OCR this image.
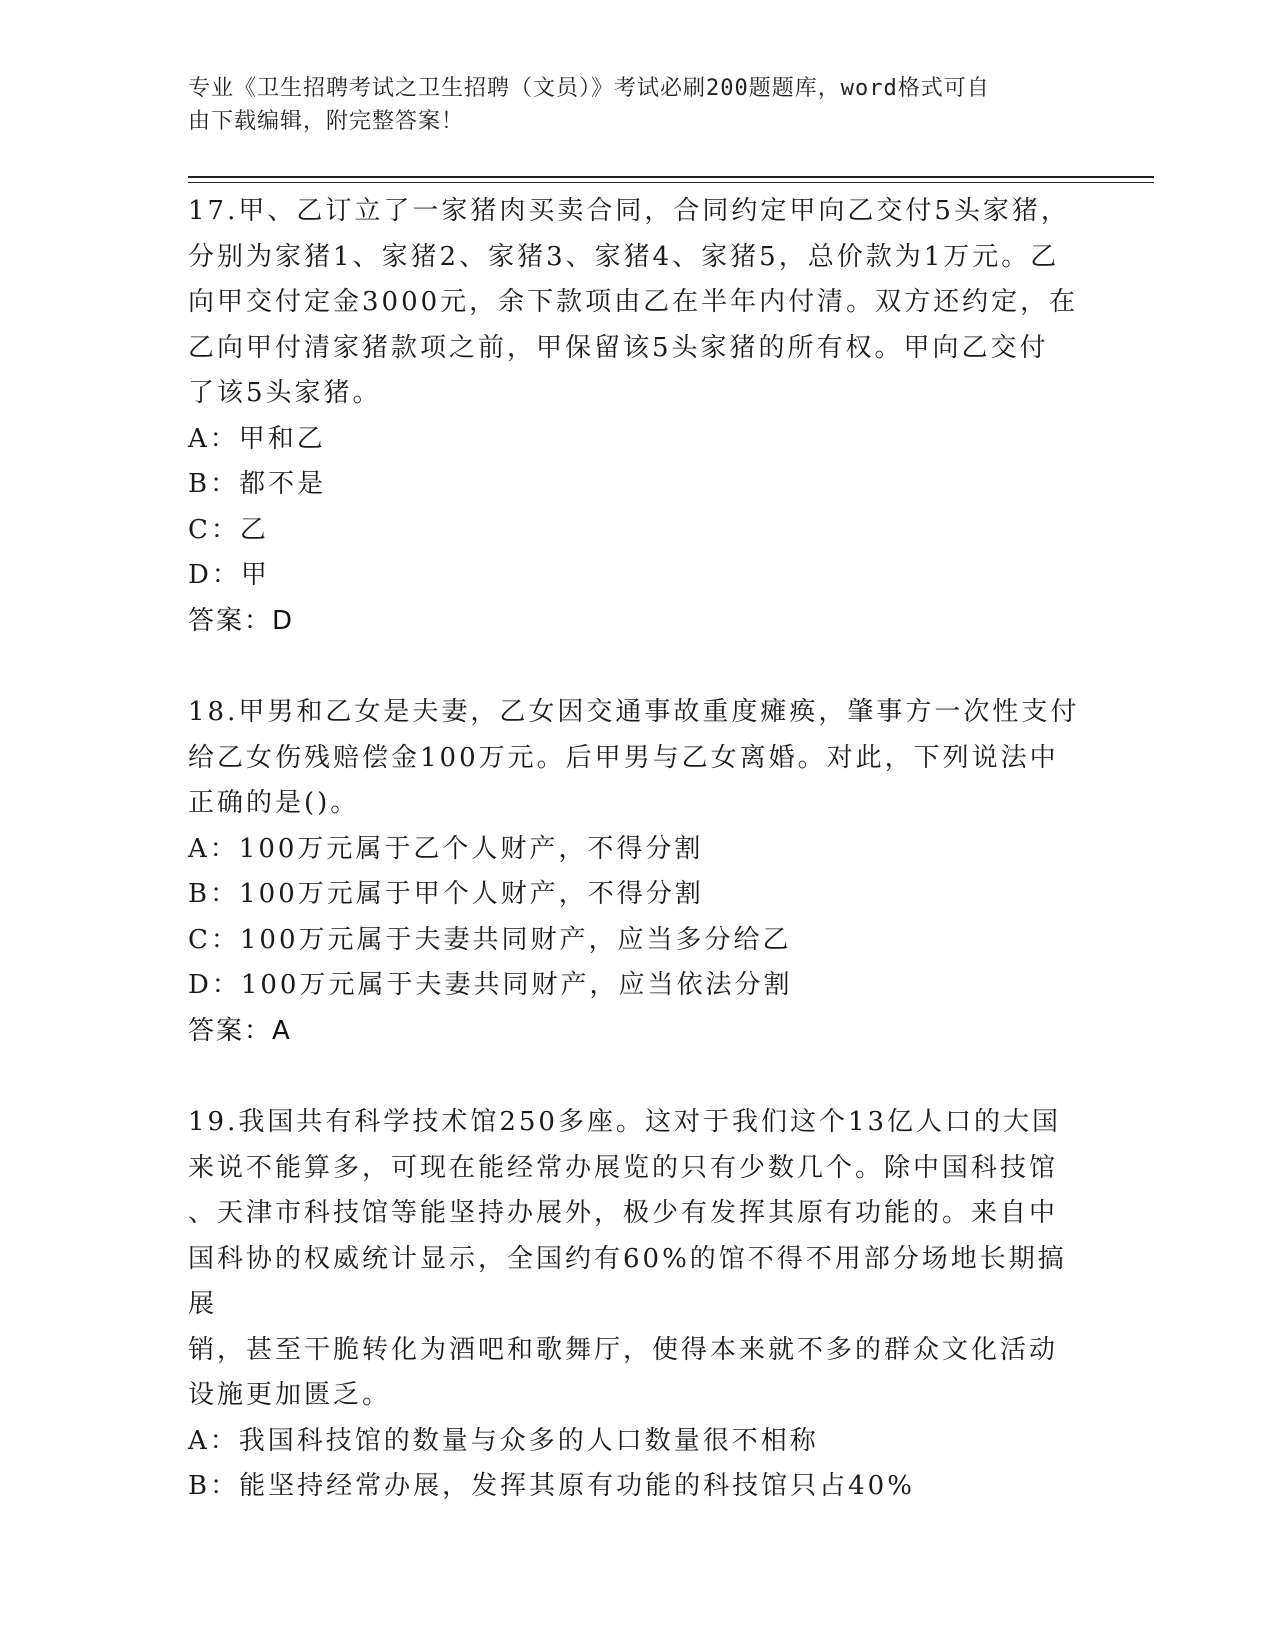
专业《卫生招聘考试之卫生招聘（文员）》考试必刷200题题库，word格式可自
由下载编辑，附完整答案！

17.甲、乙订立了一家猪肉买卖合同，合同约定甲向乙交付5头家猪，

分别为家猪1、家猪2、家猪3、家猪4、家猪5，总价款为1万元。乙

向甲交付定金3000元，余下款项由乙在半年内付清。双方还约定，在

乙向甲付清家猪款项之前，甲保留该5头家猪的所有权。甲向乙交付

了该5头家猪。

A：甲和乙

B：都不是

C：乙

D：甲

答案：D

18.甲男和乙女是夫妻，乙女因交通事故重度瘫痪，肇事方一次性支付

给乙女伤残赔偿金100万元。后甲男与乙女离婚。对此，下列说法中

正确的是()。

A：100万元属于乙个人财产，不得分割

B：100万元属于甲个人财产，不得分割

C：100万元属于夫妻共同财产，应当多分给乙

D：100万元属于夫妻共同财产，应当依法分割

答案：A

19.我国共有科学技术馆250多座。这对于我们这个13亿人口的大国

来说不能算多，可现在能经常办展览的只有少数几个。除中国科技馆

、天津市科技馆等能坚持办展外，极少有发挥其原有功能的。来自中

国科协的权威统计显示，全国约有60%的馆不得不用部分场地长期搞展

销，甚至干脆转化为酒吧和歌舞厅，使得本来就不多的群众文化活动

设施更加匮乏。

A：我国科技馆的数量与众多的人口数量很不相称

B：能坚持经常办展，发挥其原有功能的科技馆只占40%
